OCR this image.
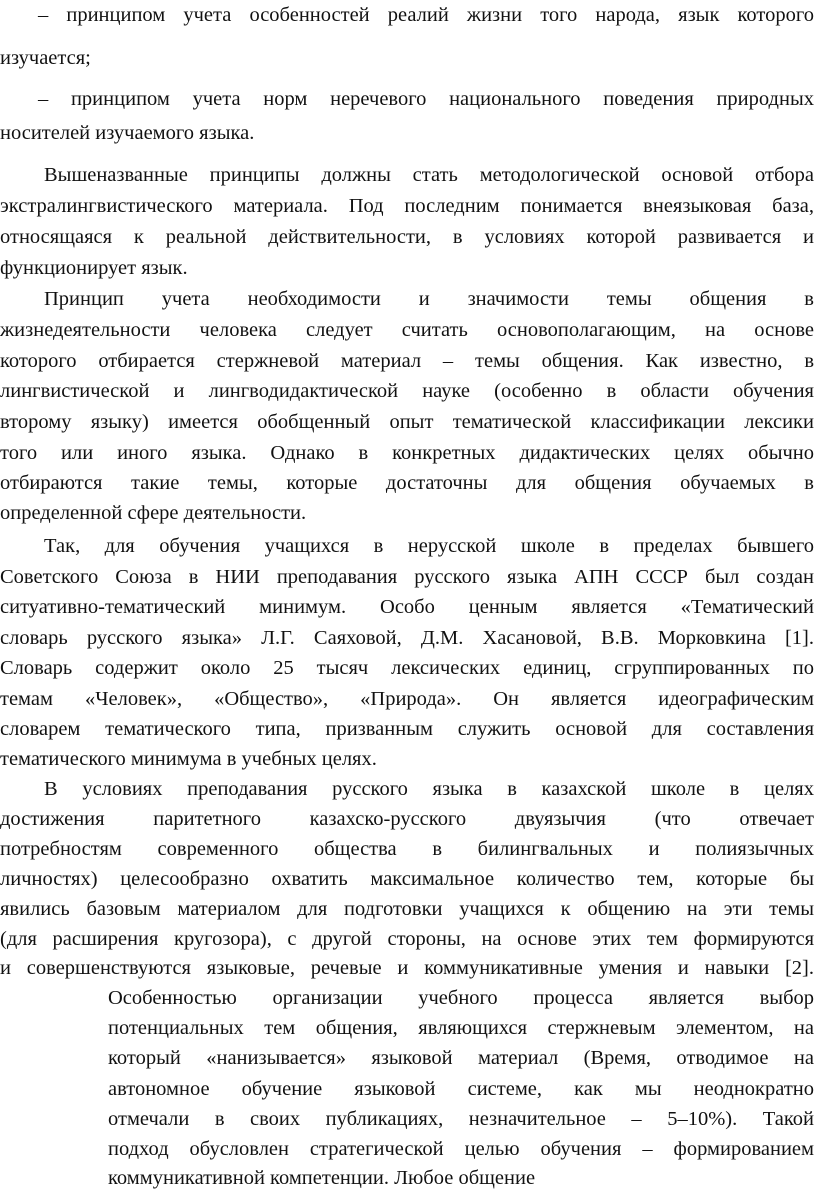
– принципом учета особенностей реалий жизни того народа, язык которого
изучается;
– принципом учета норм неречевого национального поведения природных
носителей изучаемого языка.
Вышеназванные принципы должны стать методологической основой отбора
экстралингвистического материала. Под последним понимается внеязыковая база,
относящаяся к реальной действительности, в условиях которой развивается и
функционирует язык.
Принцип учета необходимости и значимости темы общения в
жизнедеятельности человека следует считать основополагающим, на основе
которого отбирается стержневой материал – темы общения. Как известно, в
лингвистической и лингводидактической науке (особенно в области обучения
второму языку) имеется обобщенный опыт тематической классификации лексики
того или иного языка. Однако в конкретных дидактических целях обычно
отбираются такие темы, которые достаточны для общения обучаемых в
определенной сфере деятельности.
Так, для обучения учащихся в нерусской школе в пределах бывшего
Советского Союза в НИИ преподавания русского языка АПН СССР был создан
ситуативно-тематический минимум. Особо ценным является «Тематический
словарь русского языка» Л.Г. Саяховой, Д.М. Хасановой, В.В. Морковкина [1].
Словарь содержит около 25 тысяч лексических единиц, сгруппированных по
темам «Человек», «Общество», «Природа». Он является идеографическим
словарем тематического типа, призванным служить основой для составления
тематического минимума в учебных целях.
В условиях преподавания русского языка в казахской школе в целях
достижения паритетного казахско-русского двуязычия (что отвечает
потребностям современного общества в билингвальных и полиязычных
личностях) целесообразно охватить максимальное количество тем, которые бы
явились базовым материалом для подготовки учащихся к общению на эти темы
(для расширения кругозора), с другой стороны, на основе этих тем формируются
и совершенствуются языковые, речевые и коммуникативные умения и навыки [2].
Особенностью организации учебного процесса является выбор
потенциальных тем общения, являющихся стержневым элементом, на
который «нанизывается» языковой материал (Время, отводимое на
автономное обучение языковой системе, как мы неоднократно
отмечали в своих публикациях, незначительное – 5–10%). Такой
подход обусловлен стратегической целью обучения – формированием
коммуникативной компетенции. Любое общение
